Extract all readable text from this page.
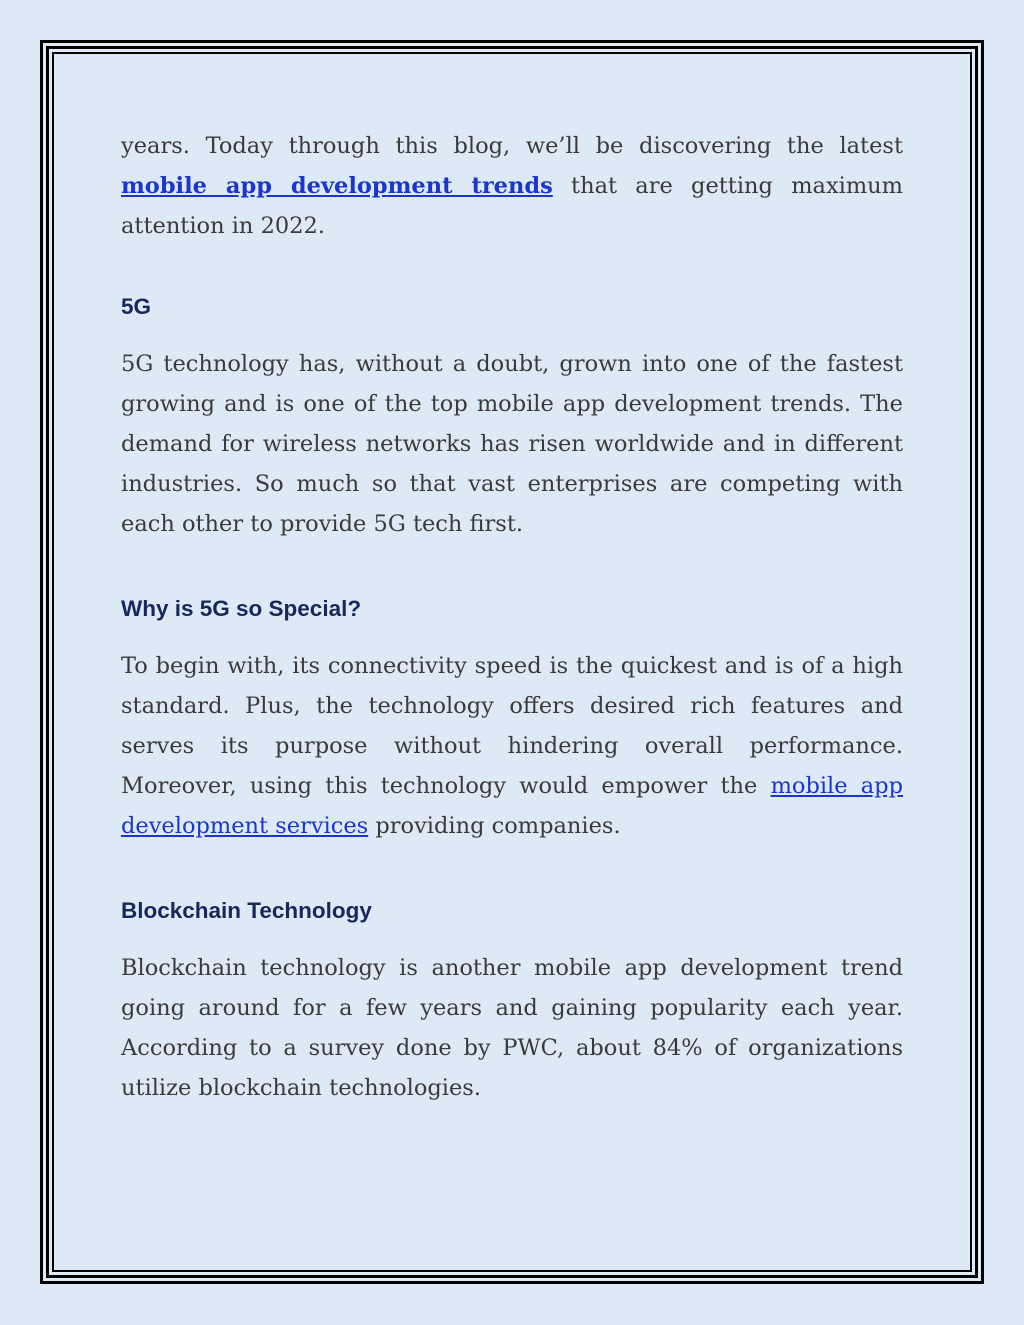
years. Today through this blog, we’ll be discovering the latest mobile app development trends that are getting maximum attention in 2022.

5G

5G technology has, without a doubt, grown into one of the fastest growing and is one of the top mobile app development trends. The demand for wireless networks has risen worldwide and in different industries. So much so that vast enterprises are competing with each other to provide 5G tech first.

Why is 5G so Special?

To begin with, its connectivity speed is the quickest and is of a high standard. Plus, the technology offers desired rich features and serves its purpose without hindering overall performance. Moreover, using this technology would empower the mobile app development services providing companies.

Blockchain Technology

Blockchain technology is another mobile app development trend going around for a few years and gaining popularity each year. According to a survey done by PWC, about 84% of organizations utilize blockchain technologies.
